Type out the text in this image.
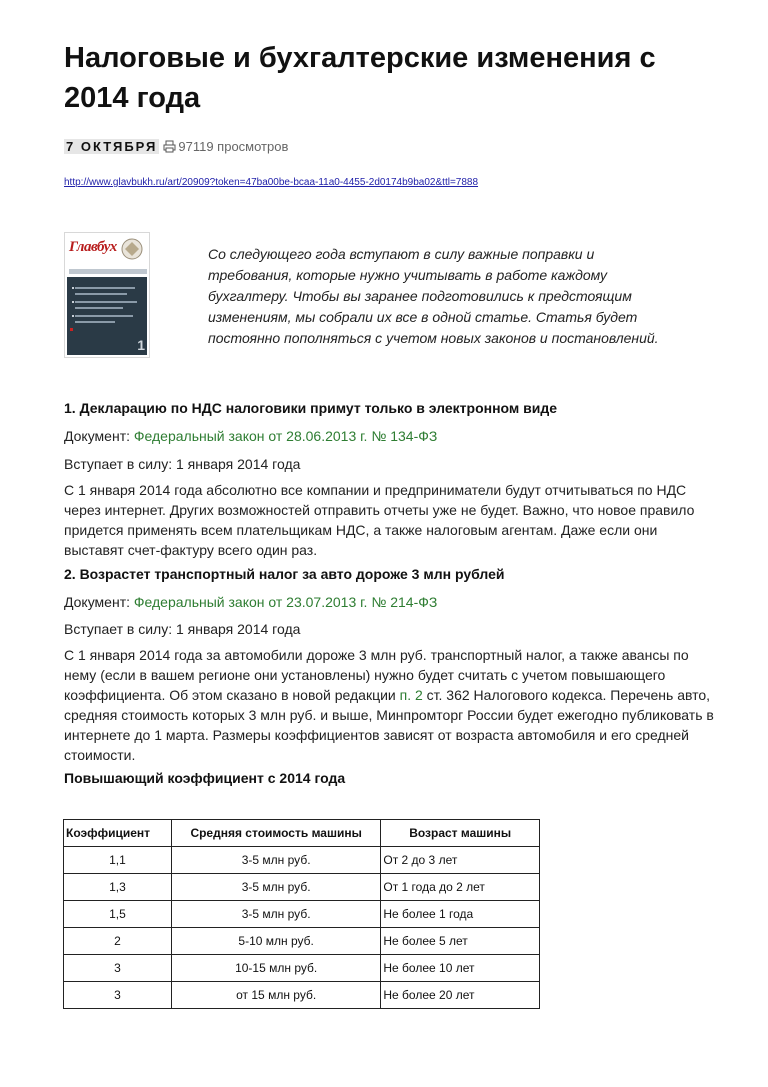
Налоговые и бухгалтерские изменения с 2014 года
7 ОКТЯБРЯ 97119 просмотров
http://www.glavbukh.ru/art/20909?token=47ba00be-bcaa-11a0-4455-2d0174b9ba02&ttl=7888
Главбух
1
Со следующего года вступают в силу важные поправки и требования, которые нужно учитывать в работе каждому бухгалтеру. Чтобы вы заранее подготовились к предстоящим изменениям, мы собрали их все в одной статье. Статья будет постоянно пополняться с учетом новых законов и постановлений.
1. Декларацию по НДС налоговики примут только в электронном виде
Документ: Федеральный закон от 28.06.2013 г. № 134-ФЗ
Вступает в силу: 1 января 2014 года
С 1 января 2014 года абсолютно все компании и предприниматели будут отчитываться по НДС через интернет. Других возможностей отправить отчеты уже не будет. Важно, что новое правило придется применять всем плательщикам НДС, а также налоговым агентам. Даже если они выставят счет-фактуру всего один раз.
2. Возрастет транспортный налог за авто дороже 3 млн рублей
Документ: Федеральный закон от 23.07.2013 г. № 214-ФЗ
Вступает в силу: 1 января 2014 года
С 1 января 2014 года за автомобили дороже 3 млн руб. транспортный налог, а также авансы по нему (если в вашем регионе они установлены) нужно будет считать с учетом повышающего коэффициента. Об этом сказано в новой редакции п. 2 ст. 362 Налогового кодекса. Перечень авто, средняя стоимость которых 3 млн руб. и выше, Минпромторг России будет ежегодно публиковать в интернете до 1 марта. Размеры коэффициентов зависят от возраста автомобиля и его средней стоимости.
Повышающий коэффициент с 2014 года
Коэффициент	Средняя стоимость машины	Возраст машины
1,1	3-5 млн руб.	От 2 до 3 лет
1,3	3-5 млн руб.	От 1 года до 2 лет
1,5	3-5 млн руб.	Не более 1 года
2	5-10 млн руб.	Не более 5 лет
3	10-15 млн руб.	Не более 10 лет
3	от 15 млн руб.	Не более 20 лет
